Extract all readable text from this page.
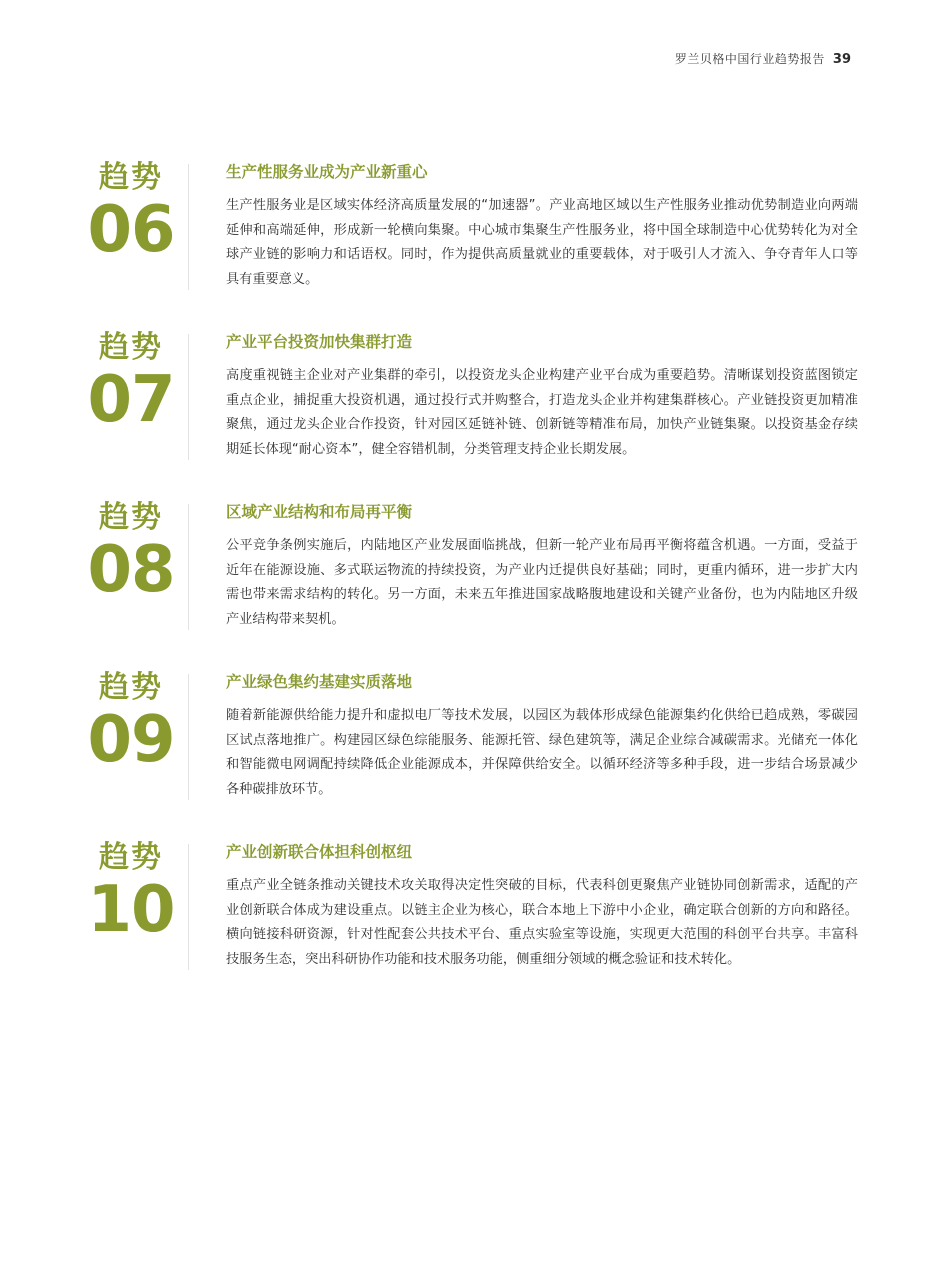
罗兰贝格中国行业趋势报告 39
趋势
06
生产性服务业成为产业新重心

生产性服务业是区域实体经济高质量发展的“加速器”。产业高地区域以生产性服务业推动优势制造业向两端延伸和高端延伸，形成新一轮横向集聚。中心城市集聚生产性服务业，将中国全球制造中心优势转化为对全球产业链的影响力和话语权。同时，作为提供高质量就业的重要载体，对于吸引人才流入、争夺青年人口等具有重要意义。

趋势
07
产业平台投资加快集群打造

高度重视链主企业对产业集群的牵引，以投资龙头企业构建产业平台成为重要趋势。清晰谋划投资蓝图锁定重点企业，捕捉重大投资机遇，通过投行式并购整合，打造龙头企业并构建集群核心。产业链投资更加精准聚焦，通过龙头企业合作投资，针对园区延链补链、创新链等精准布局，加快产业链集聚。以投资基金存续期延长体现“耐心资本”，健全容错机制，分类管理支持企业长期发展。

趋势
08
区域产业结构和布局再平衡

公平竞争条例实施后，内陆地区产业发展面临挑战，但新一轮产业布局再平衡将蕴含机遇。一方面，受益于近年在能源设施、多式联运物流的持续投资，为产业内迁提供良好基础；同时，更重内循环，进一步扩大内需也带来需求结构的转化。另一方面，未来五年推进国家战略腹地建设和关键产业备份，也为内陆地区升级产业结构带来契机。

趋势
09
产业绿色集约基建实质落地

随着新能源供给能力提升和虚拟电厂等技术发展，以园区为载体形成绿色能源集约化供给已趋成熟，零碳园区试点落地推广。构建园区绿色综能服务、能源托管、绿色建筑等，满足企业综合减碳需求。光储充一体化和智能微电网调配持续降低企业能源成本，并保障供给安全。以循环经济等多种手段，进一步结合场景减少各种碳排放环节。

趋势
10
产业创新联合体担科创枢纽

重点产业全链条推动关键技术攻关取得决定性突破的目标，代表科创更聚焦产业链协同创新需求，适配的产业创新联合体成为建设重点。以链主企业为核心，联合本地上下游中小企业，确定联合创新的方向和路径。横向链接科研资源，针对性配套公共技术平台、重点实验室等设施，实现更大范围的科创平台共享。丰富科技服务生态，突出科研协作功能和技术服务功能，侧重细分领域的概念验证和技术转化。
